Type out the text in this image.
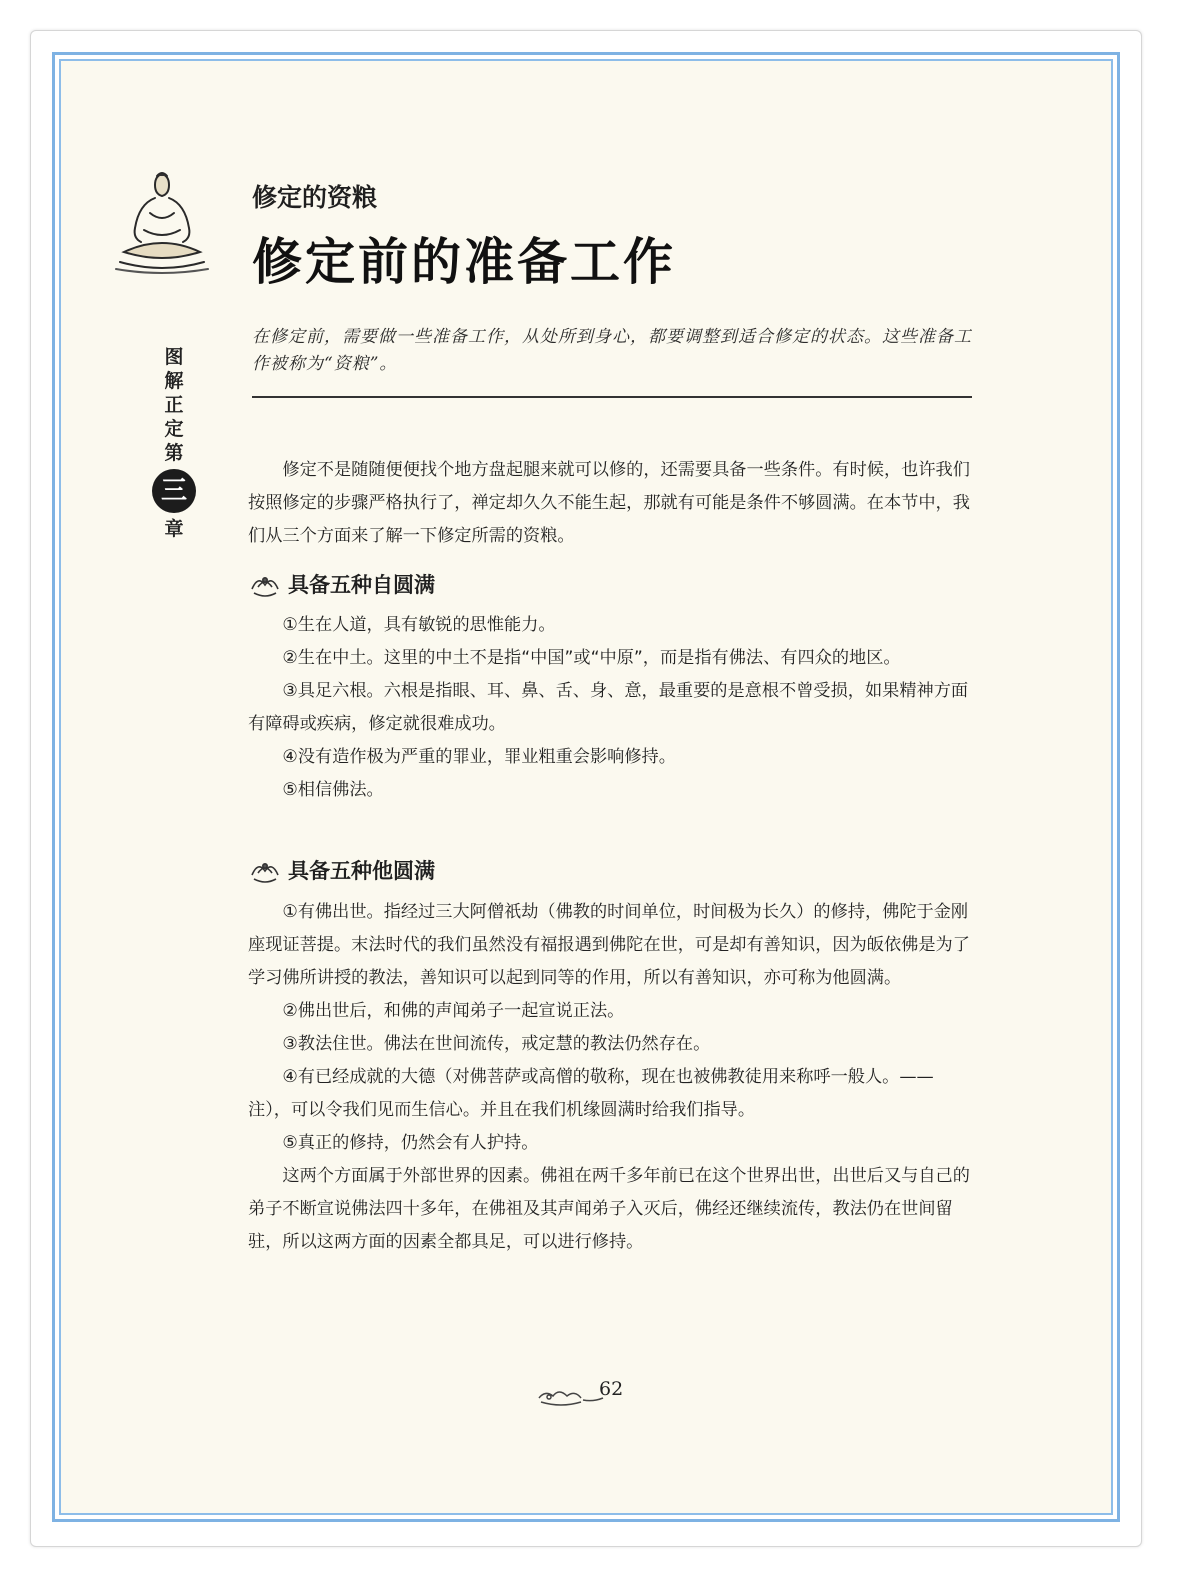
图
解
正
定
第
三
章
修定的资粮
修定前的准备工作

在修定前，需要做一些准备工作，从处所到身心，都要调整到适合修定的状态。这些准备工作被称为“资粮”。

修定不是随随便便找个地方盘起腿来就可以修的，还需要具备一些条件。有时候，也许我们按照修定的步骤严格执行了，禅定却久久不能生起，那就有可能是条件不够圆满。在本节中，我们从三个方面来了解一下修定所需的资粮。

具备五种自圆满

①生在人道，具有敏锐的思惟能力。

②生在中土。这里的中土不是指“中国”或“中原”，而是指有佛法、有四众的地区。

③具足六根。六根是指眼、耳、鼻、舌、身、意，最重要的是意根不曾受损，如果精神方面有障碍或疾病，修定就很难成功。

④没有造作极为严重的罪业，罪业粗重会影响修持。

⑤相信佛法。

具备五种他圆满

①有佛出世。指经过三大阿僧祇劫（佛教的时间单位，时间极为长久）的修持，佛陀于金刚座现证菩提。末法时代的我们虽然没有福报遇到佛陀在世，可是却有善知识，因为皈依佛是为了学习佛所讲授的教法，善知识可以起到同等的作用，所以有善知识，亦可称为他圆满。

②佛出世后，和佛的声闻弟子一起宣说正法。

③教法住世。佛法在世间流传，戒定慧的教法仍然存在。

④有已经成就的大德（对佛菩萨或高僧的敬称，现在也被佛教徒用来称呼一般人。——注），可以令我们见而生信心。并且在我们机缘圆满时给我们指导。

⑤真正的修持，仍然会有人护持。

这两个方面属于外部世界的因素。佛祖在两千多年前已在这个世界出世，出世后又与自己的弟子不断宣说佛法四十多年，在佛祖及其声闻弟子入灭后，佛经还继续流传，教法仍在世间留驻，所以这两方面的因素全都具足，可以进行修持。

62
